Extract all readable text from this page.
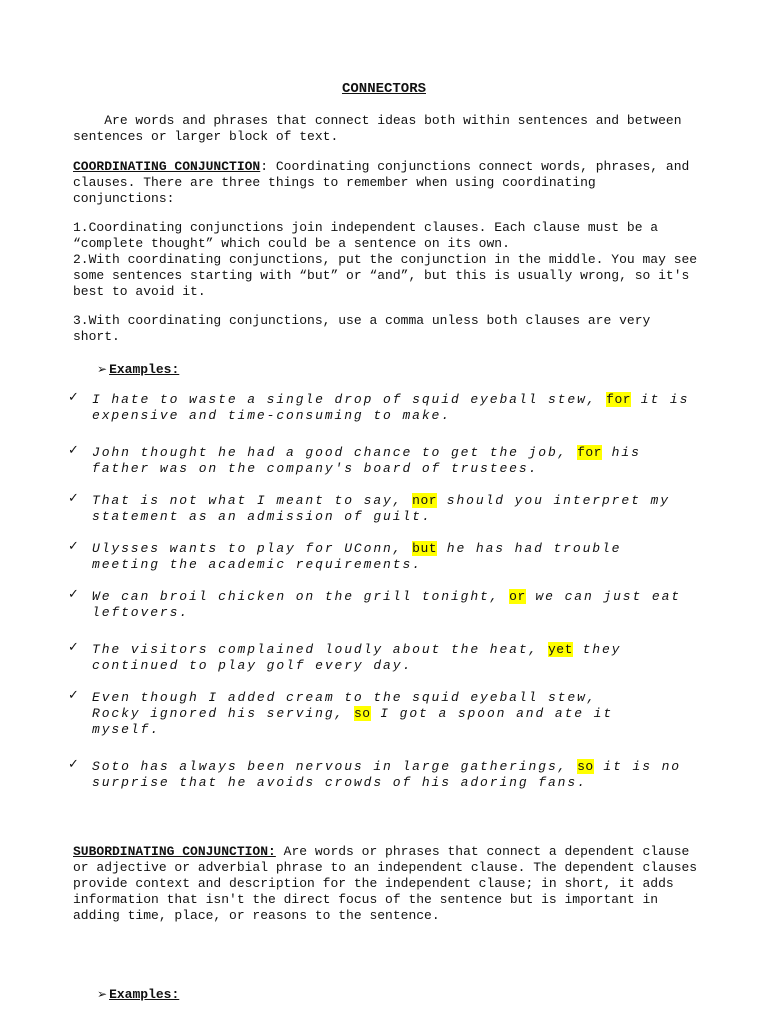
CONNECTORS
Are words and phrases that connect ideas both within sentences and between sentences or larger block of text.
COORDINATING CONJUNCTION: Coordinating conjunctions connect words, phrases, and clauses. There are three things to remember when using coordinating conjunctions:
1.Coordinating conjunctions join independent clauses. Each clause must be a “complete thought” which could be a sentence on its own.
2.With coordinating conjunctions, put the conjunction in the middle. You may see some sentences starting with “but” or “and”, but this is usually wrong, so it's best to avoid it.
3.With coordinating conjunctions, use a comma unless both clauses are very short.
➢ Examples:
✓ I hate to waste a single drop of squid eyeball stew, for it is expensive and time-consuming to make.
✓ John thought he had a good chance to get the job, for his father was on the company's board of trustees.
✓ That is not what I meant to say, nor should you interpret my statement as an admission of guilt.
✓ Ulysses wants to play for UConn, but he has had trouble meeting the academic requirements.
✓ We can broil chicken on the grill tonight, or we can just eat leftovers.
✓ The visitors complained loudly about the heat, yet they continued to play golf every day.
✓ Even though I added cream to the squid eyeball stew, Rocky ignored his serving, so I got a spoon and ate it myself.
✓ Soto has always been nervous in large gatherings, so it is no surprise that he avoids crowds of his adoring fans.
SUBORDINATING CONJUNCTION: Are words or phrases that connect a dependent clause or adjective or adverbial phrase to an independent clause. The dependent clauses provide context and description for the independent clause; in short, it adds information that isn't the direct focus of the sentence but is important in adding time, place, or reasons to the sentence.
➢ Examples:
